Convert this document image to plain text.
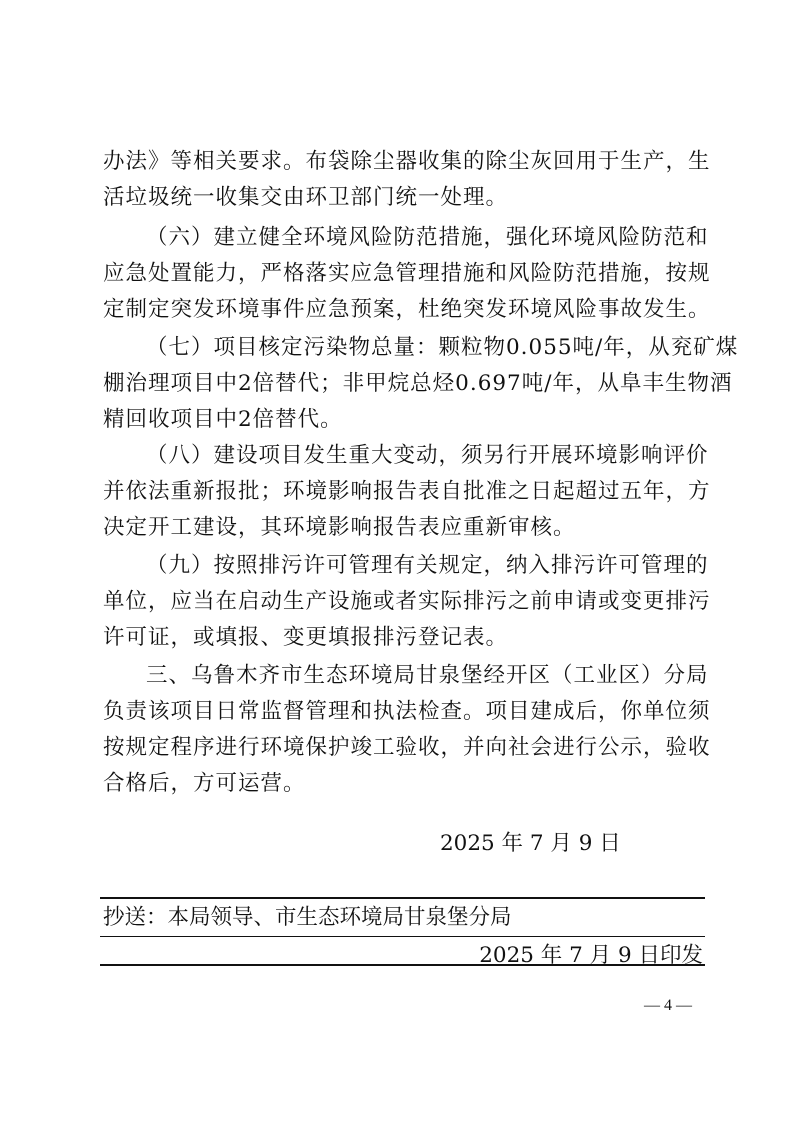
办法》等相关要求。布袋除尘器收集的除尘灰回用于生产，生
活垃圾统一收集交由环卫部门统一处理。
（六）建立健全环境风险防范措施，强化环境风险防范和
应急处置能力，严格落实应急管理措施和风险防范措施，按规
定制定突发环境事件应急预案，杜绝突发环境风险事故发生。
（七）项目核定污染物总量：颗粒物0.055吨/年，从兖矿煤
棚治理项目中2倍替代；非甲烷总烃0.697吨/年，从阜丰生物酒
精回收项目中2倍替代。
（八）建设项目发生重大变动，须另行开展环境影响评价
并依法重新报批；环境影响报告表自批准之日起超过五年，方
决定开工建设，其环境影响报告表应重新审核。
（九）按照排污许可管理有关规定，纳入排污许可管理的
单位，应当在启动生产设施或者实际排污之前申请或变更排污
许可证，或填报、变更填报排污登记表。
三、乌鲁木齐市生态环境局甘泉堡经开区（工业区）分局
负责该项目日常监督管理和执法检查。项目建成后，你单位须
按规定程序进行环境保护竣工验收，并向社会进行公示，验收
合格后，方可运营。
2025 年 7 月 9 日
抄送：本局领导、市生态环境局甘泉堡分局
2025 年 7 月 9 日印发
— 4 —
